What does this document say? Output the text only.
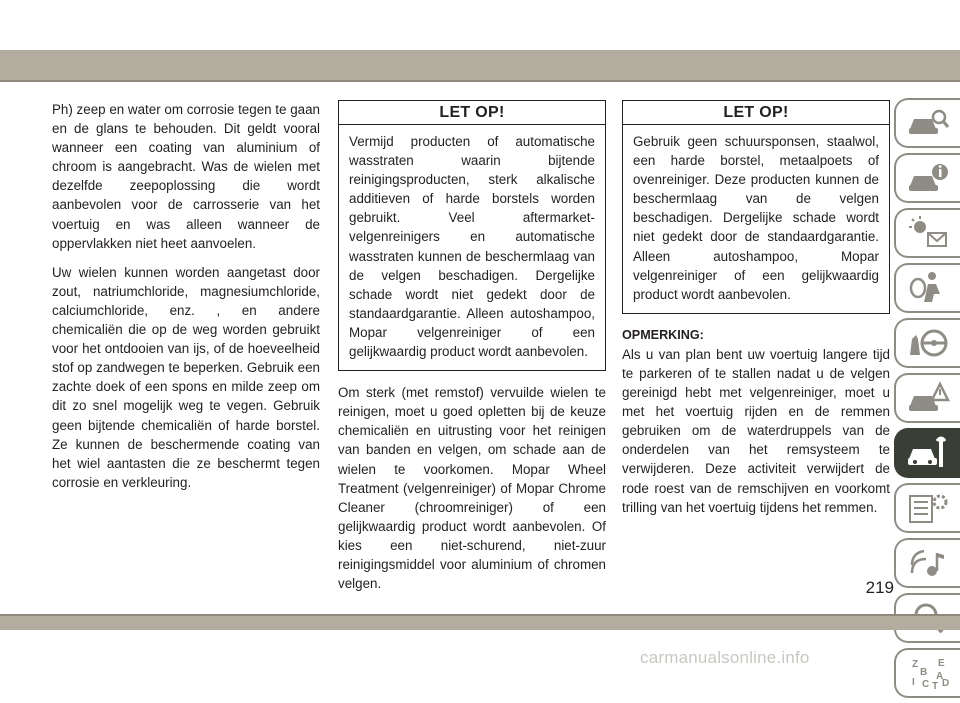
Ph) zeep en water om corrosie tegen te gaan en de glans te behouden. Dit geldt vooral wanneer een coating van aluminium of chroom is aangebracht. Was de wielen met dezelfde zeepoplossing die wordt aanbevolen voor de carrosserie van het voertuig en was alleen wanneer de oppervlakken niet heet aanvoelen.

Uw wielen kunnen worden aangetast door zout, natriumchloride, magnesiumchloride, calciumchloride, enz. , en andere chemicaliën die op de weg worden gebruikt voor het ontdooien van ijs, of de hoeveelheid stof op zandwegen te beperken. Gebruik een zachte doek of een spons en milde zeep om dit zo snel mogelijk weg te vegen. Gebruik geen bijtende chemicaliën of harde borstel. Ze kunnen de beschermende coating van het wiel aantasten die ze beschermt tegen corrosie en verkleuring.

LET OP!
Vermijd producten of automatische wasstraten waarin bijtende reinigingsproducten, sterk alkalische additieven of harde borstels worden gebruikt. Veel aftermarket-velgenreinigers en automatische wasstraten kunnen de beschermlaag van de velgen beschadigen. Dergelijke schade wordt niet gedekt door de standaardgarantie. Alleen autoshampoo, Mopar velgenreiniger of een gelijkwaardig product wordt aanbevolen.

Om sterk (met remstof) vervuilde wielen te reinigen, moet u goed opletten bij de keuze chemicaliën en uitrusting voor het reinigen van banden en velgen, om schade aan de wielen te voorkomen. Mopar Wheel Treatment (velgenreiniger) of Mopar Chrome Cleaner (chroomreiniger) of een gelijkwaardig product wordt aanbevolen. Of kies een niet-schurend, niet-zuur reinigingsmiddel voor aluminium of chromen velgen.

LET OP!
Gebruik geen schuursponsen, staalwol, een harde borstel, metaalpoets of ovenreiniger. Deze producten kunnen de beschermlaag van de velgen beschadigen. Dergelijke schade wordt niet gedekt door de standaardgarantie. Alleen autoshampoo, Mopar velgenreiniger of een gelijkwaardig product wordt aanbevolen.
OPMERKING:

Als u van plan bent uw voertuig langere tijd te parkeren of te stallen nadat u de velgen gereinigd hebt met velgenreiniger, moet u met het voertuig rijden en de remmen gebruiken om de waterdruppels van de onderdelen van het remsysteem te verwijderen. Deze activiteit verwijdert de rode roest van de remschijven en voorkomt trilling van het voertuig tijdens het remmen.

Z E
B A
I C D
T
219
carmanualsonline.info
